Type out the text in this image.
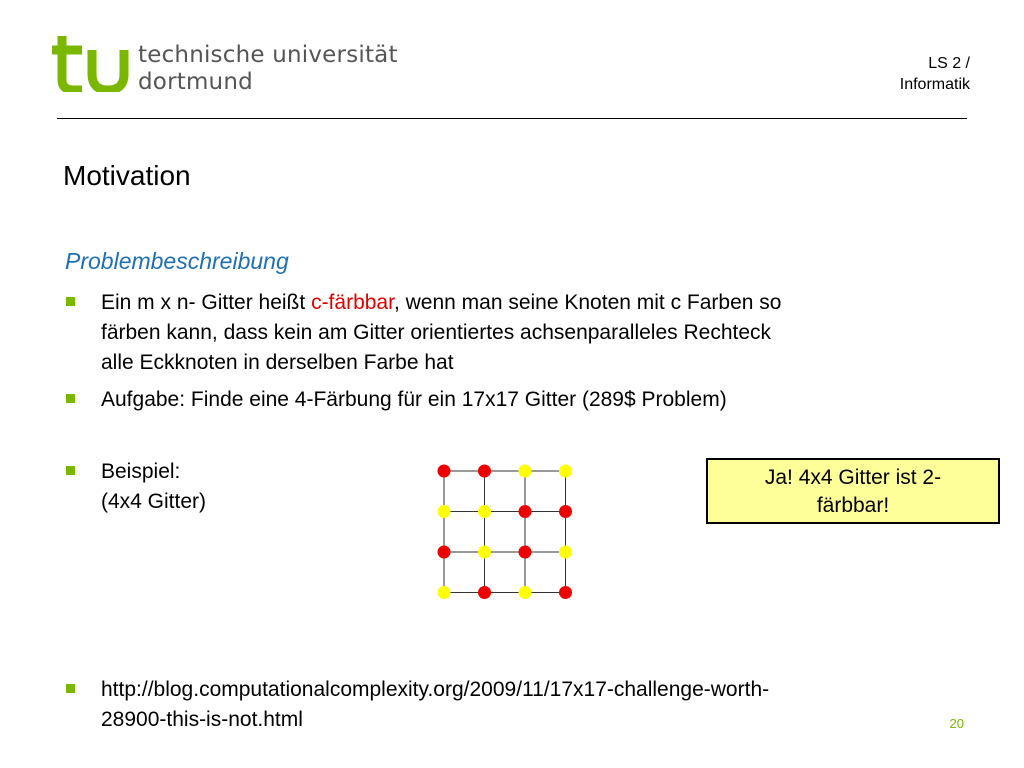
technische universität
dortmund
LS 2 /
Informatik
Motivation
Problembeschreibung
Ein m x n- Gitter heißt c-färbbar, wenn man seine Knoten mit c Farben so
färben kann, dass kein am Gitter orientiertes achsenparalleles Rechteck
alle Eckknoten in derselben Farbe hat
Aufgabe: Finde eine 4-Färbung für ein 17x17 Gitter (289$ Problem)
Beispiel:
(4x4 Gitter)
Ja! 4x4 Gitter ist 2-
färbbar!
http://blog.computationalcomplexity.org/2009/11/17x17-challenge-worth-
28900-this-is-not.html	20
